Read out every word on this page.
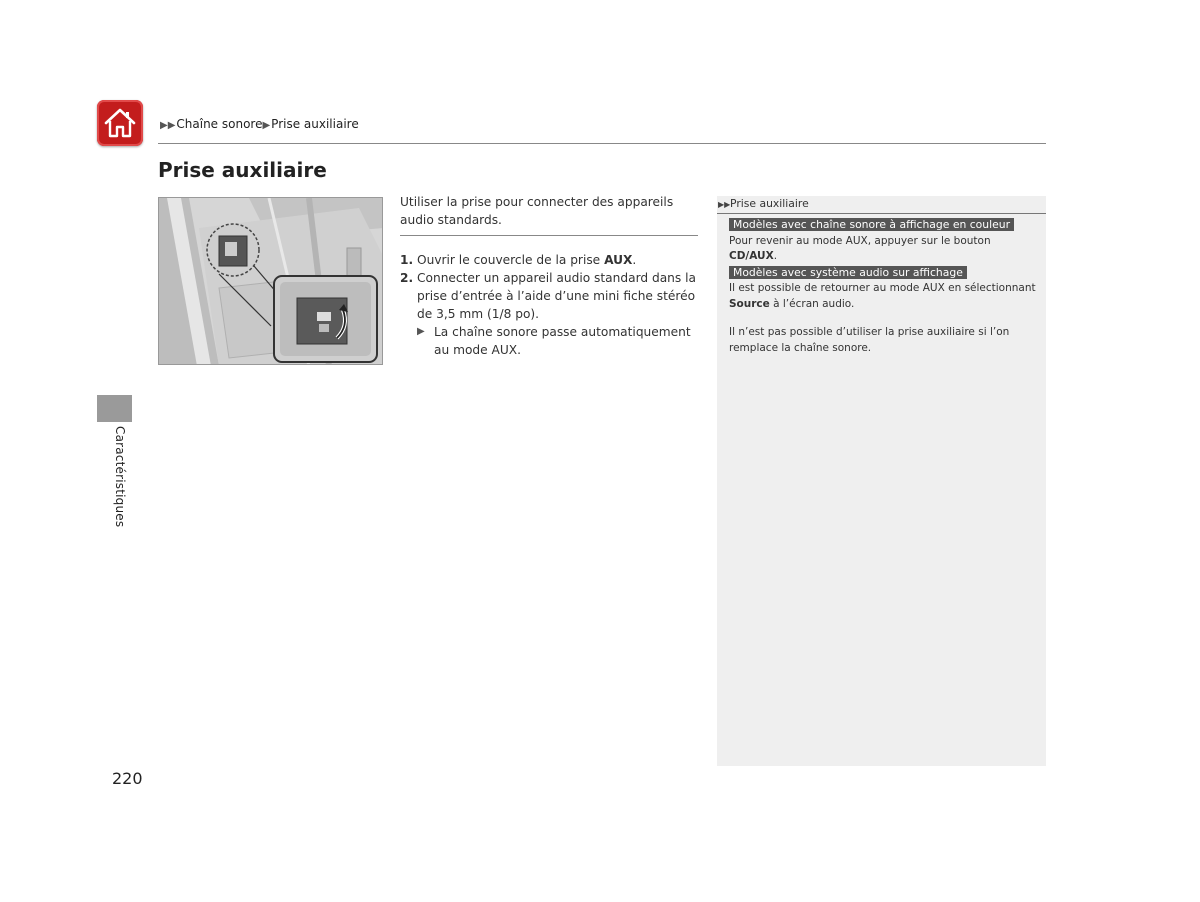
▶▶Chaîne sonore▶Prise auxiliaire
Prise auxiliaire

Utiliser la prise pour connecter des appareils audio standards.

1. Ouvrir le couvercle de la prise AUX.
2. Connecter un appareil audio standard dans la prise d’entrée à l’aide d’une mini fiche stéréo de 3,5 mm (1/8 po).
▶ La chaîne sonore passe automatiquement au mode AUX.
▶▶Prise auxiliaire
Modèles avec chaîne sonore à affichage en couleur

Pour revenir au mode AUX, appuyer sur le bouton CD/AUX.

Modèles avec système audio sur affichage

Il est possible de retourner au mode AUX en sélectionnant Source à l’écran audio.

Il n’est pas possible d’utiliser la prise auxiliaire si l’on remplace la chaîne sonore.

Caractéristiques
220
